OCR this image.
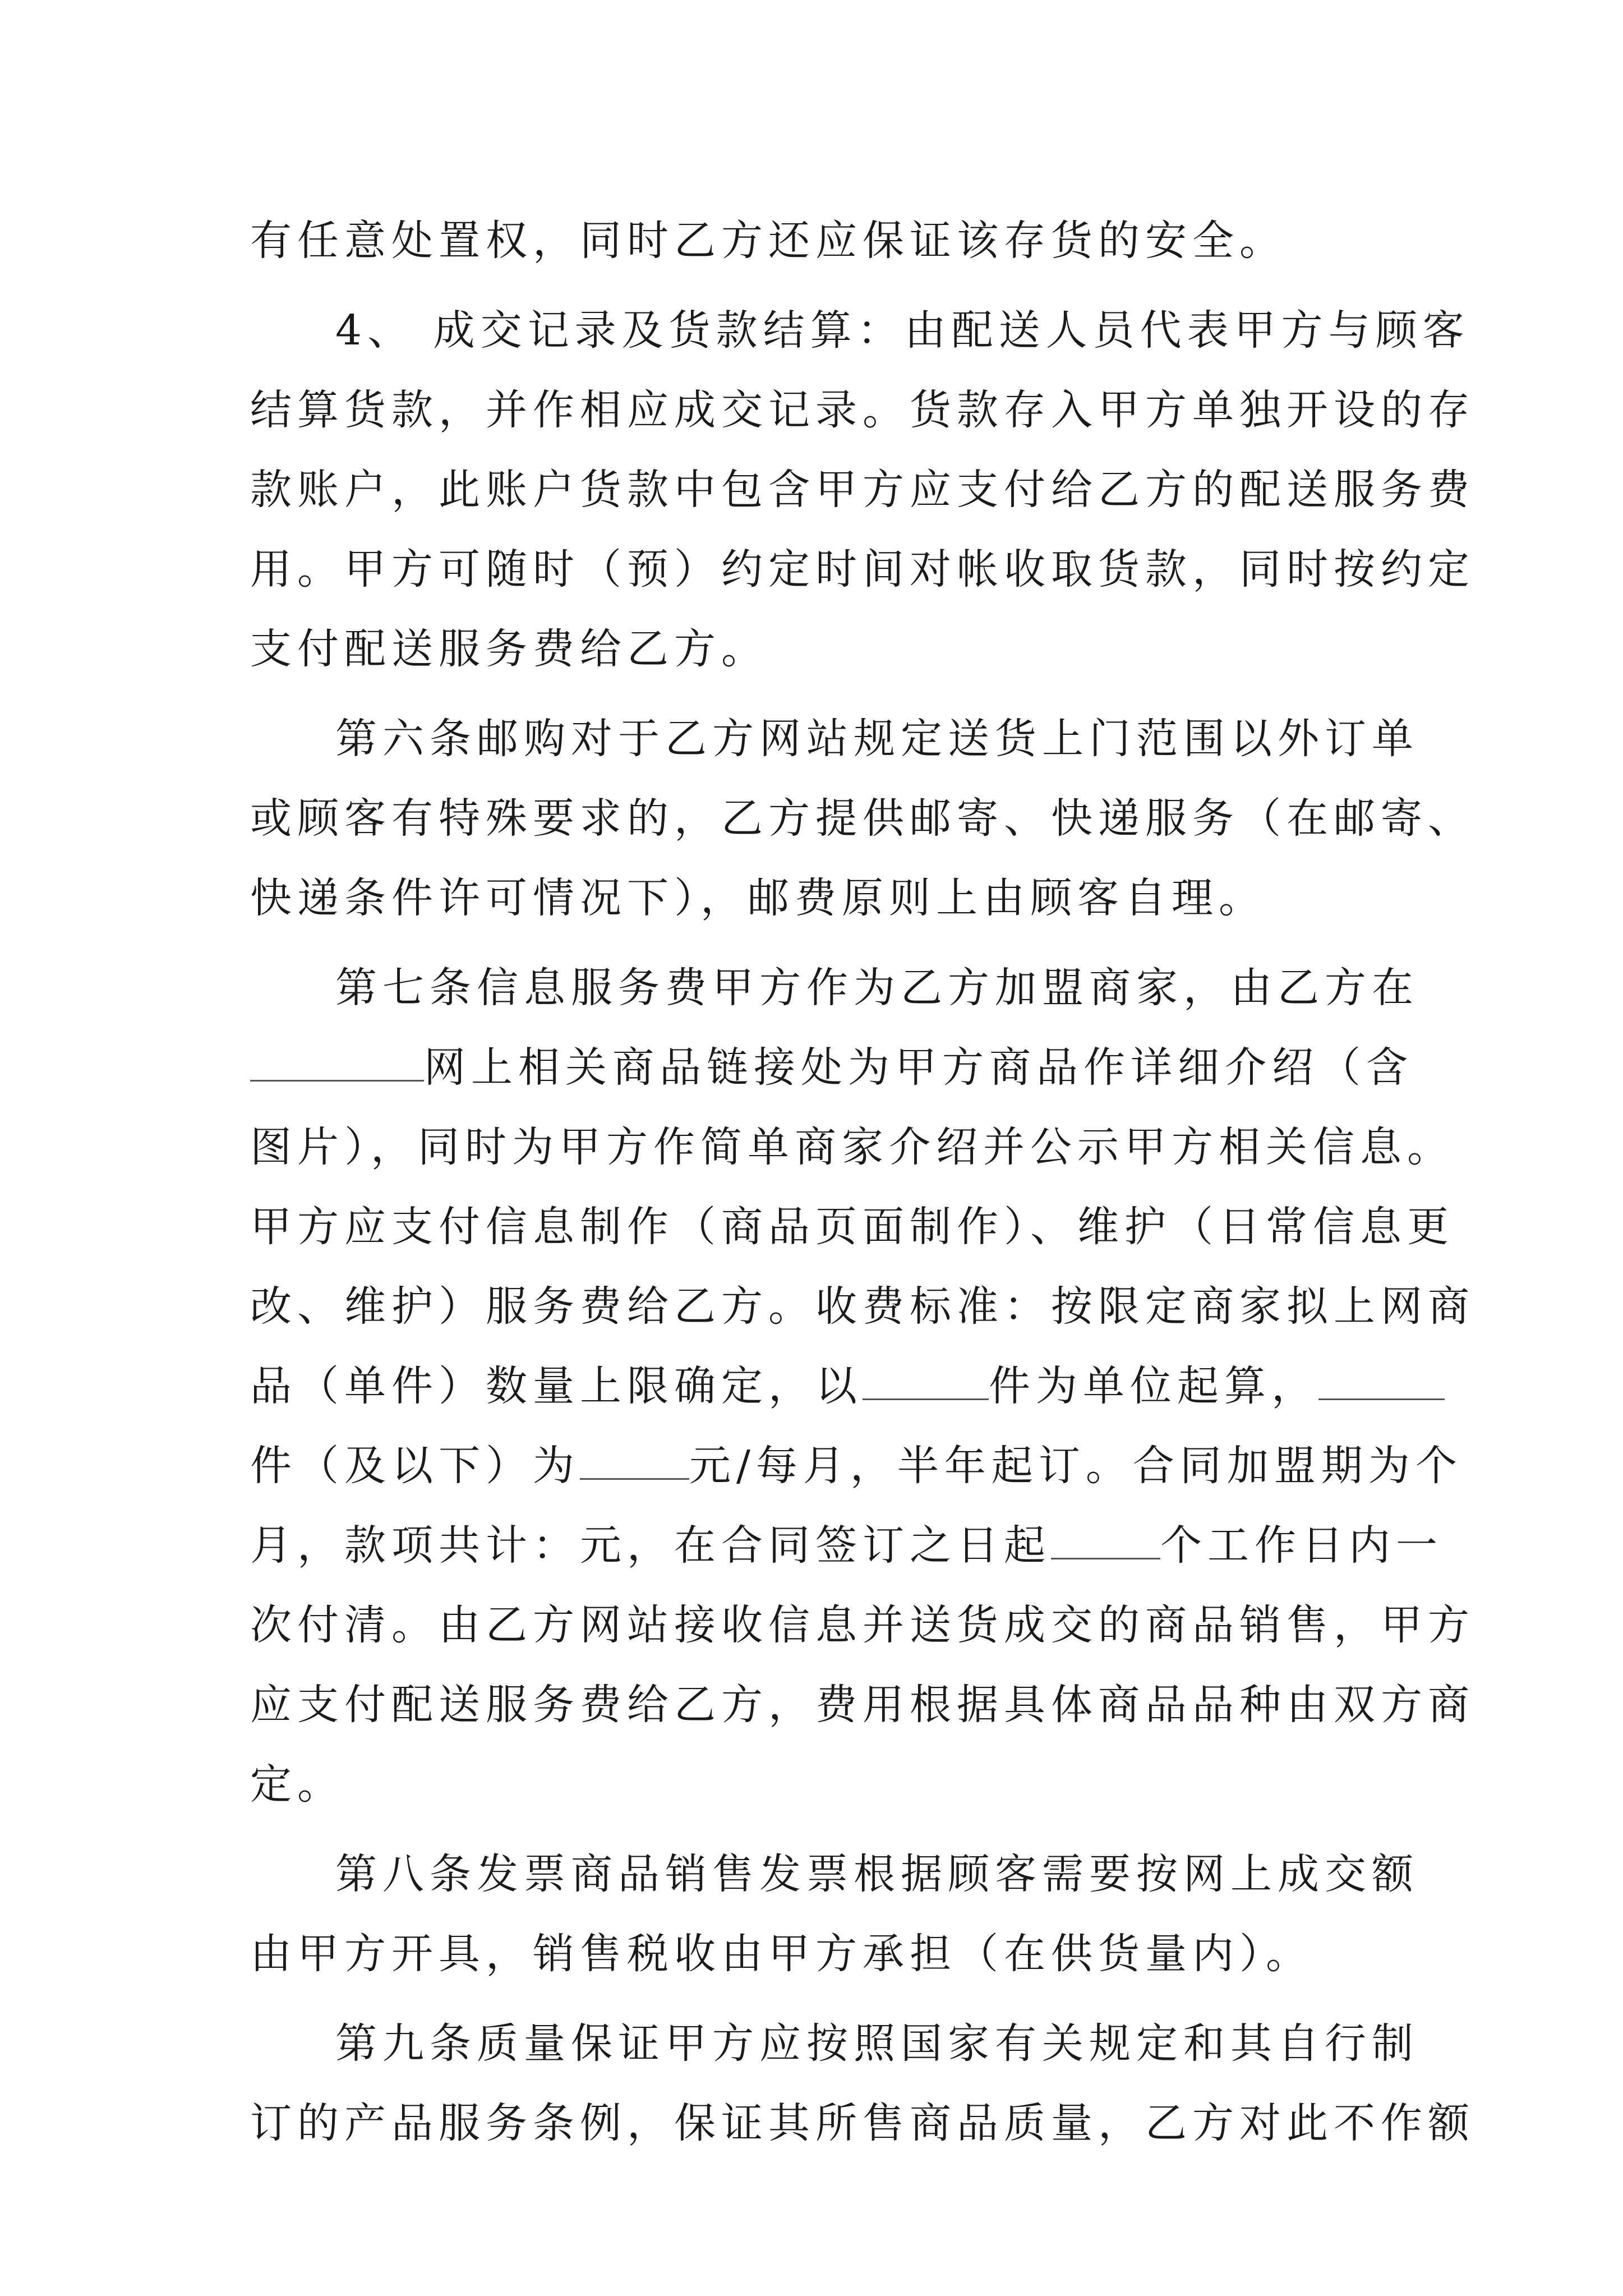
有任意处置权，同时乙方还应保证该存货的安全。
4、 成交记录及货款结算：由配送人员代表甲方与顾客
结算货款，并作相应成交记录。货款存入甲方单独开设的存
款账户，此账户货款中包含甲方应支付给乙方的配送服务费
用。甲方可随时（预）约定时间对帐收取货款，同时按约定
支付配送服务费给乙方。
第六条邮购对于乙方网站规定送货上门范围以外订单
或顾客有特殊要求的，乙方提供邮寄、快递服务（在邮寄、
快递条件许可情况下），邮费原则上由顾客自理。
第七条信息服务费甲方作为乙方加盟商家，由乙方在
网上相关商品链接处为甲方商品作详细介绍（含
图片），同时为甲方作简单商家介绍并公示甲方相关信息。
甲方应支付信息制作（商品页面制作）、维护（日常信息更
改、维护）服务费给乙方。收费标准：按限定商家拟上网商
品（单件）数量上限确定，以	件为单位起算，
件（及以下）为	元/每月，半年起订。合同加盟期为个
月，款项共计：元，在合同签订之日起	个工作日内一
次付清。由乙方网站接收信息并送货成交的商品销售，甲方
应支付配送服务费给乙方，费用根据具体商品品种由双方商
定。
第八条发票商品销售发票根据顾客需要按网上成交额
由甲方开具，销售税收由甲方承担（在供货量内）。
第九条质量保证甲方应按照国家有关规定和其自行制
订的产品服务条例，保证其所售商品质量，乙方对此不作额
